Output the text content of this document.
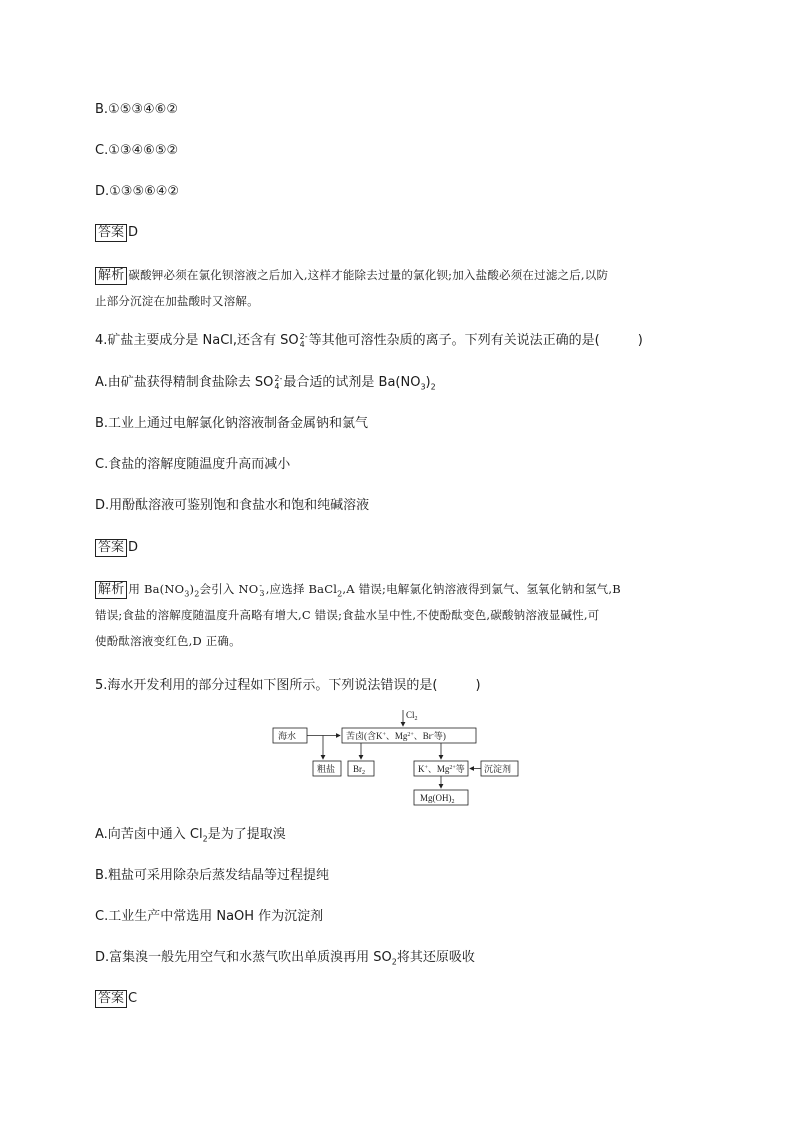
B.①⑤③④⑥②
C.①③④⑥⑤②
D.①③⑤⑥④②
答案 D
解析 碳酸钾必须在氯化钡溶液之后加入,这样才能除去过量的氯化钡;加入盐酸必须在过滤之后,以防
止部分沉淀在加盐酸时又溶解。
4.矿盐主要成分是 NaCl,还含有 SO 2-
4 等其他可溶性杂质的离子。下列有关说法正确的是(	)
A.由矿盐获得精制食盐除去 SO 2-
4 最合适的试剂是 $Ba(NO_3)_2$
B.工业上通过电解氯化钠溶液制备金属钠和氯气
C.食盐的溶解度随温度升高而减小
D.用酚酞溶液可鉴别饱和食盐水和饱和纯碱溶液
答案 D
解析 用 $Ba(NO_3)_2$会引入 NO -
3 ,应选择 BaCl$_2$,A 错误;电解氯化钠溶液得到氯气、氢氧化钠和氢气,B
错误;食盐的溶解度随温度升高略有增大,C 错误;食盐水呈中性,不使酚酞变色,碳酸钠溶液显碱性,可
使酚酞溶液变红色,D 正确。
5.海水开发利用的部分过程如下图所示。下列说法错误的是(	)
海水
$Cl_2$
苦卤(含K+、$Mg^{2+}$、Br-等)
粗盐 $Br_2$	K+、$Mg^{2+}$等 沉淀剂
$Mg(OH)_2$
A.向苦卤中通入 $Cl_2$是为了提取溴
B.粗盐可采用除杂后蒸发结晶等过程提纯
C.工业生产中常选用 NaOH 作为沉淀剂
D.富集溴一般先用空气和水蒸气吹出单质溴再用 $SO_2$将其还原吸收
答案 C
